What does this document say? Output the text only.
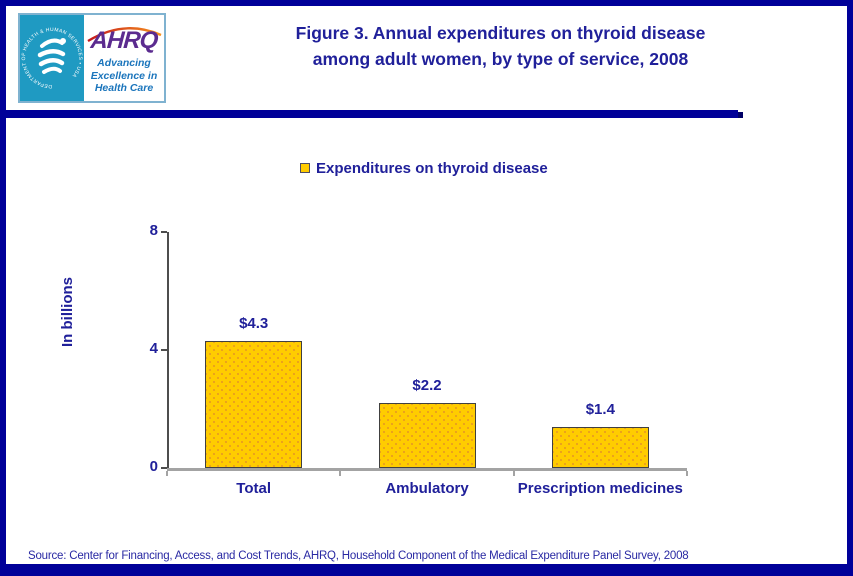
DEPARTMENT OF HEALTH & HUMAN SERVICES • USA
AHRQ
Advancing
Excellence in
Health Care
Figure 3. Annual expenditures on thyroid disease
among adult women, by type of service, 2008
Expenditures on thyroid disease
In billions
0
4
8
$4.3
Total
$2.2
Ambulatory
$1.4
Prescription medicines
Source: Center for Financing, Access, and Cost Trends, AHRQ, Household Component of the Medical Expenditure Panel Survey, 2008
